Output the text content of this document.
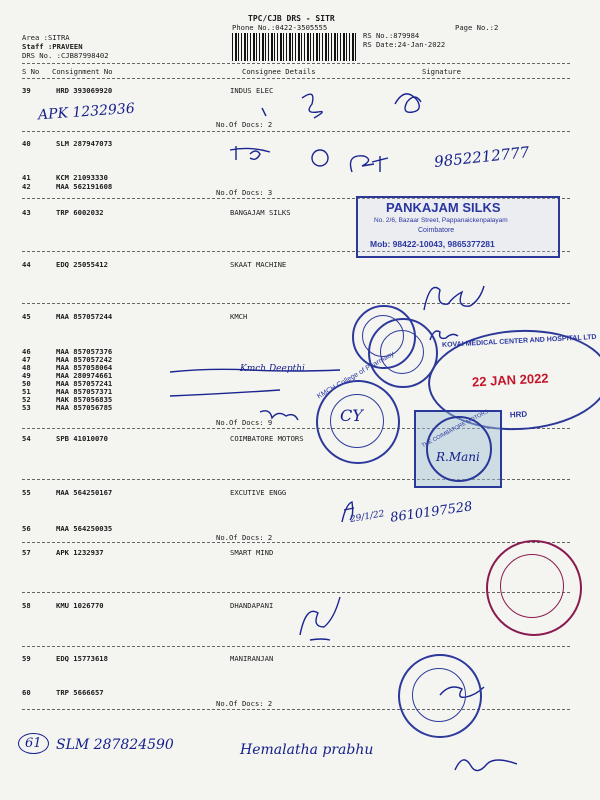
TPC/CJB DRS - SITR
Phone No.:0422-3505555	Page No.:2
RS No.:879984
RS Date:24-Jan-2022
Area :SITRA
Staff :PRAVEEN
DRS No. :CJB87998402
S No Consignment No	Consignee Details	Signature
39	HRD 393069920	INDUS ELEC
No.Of Docs: 2
40	SLM 287947073
41	KCM 21093330
42	MAA 562191608
No.Of Docs: 3
43	TRP 6002032	BANGAJAM SILKS
44	EDQ 25055412	SKAAT MACHINE
45	MAA 857057244	KMCH
46	MAA 857057376
47	MAA 857057242
48	MAA 857058064
49	MAA 280974661
50	MAA 857057241
51	MAA 857057371
52	MAK 857056835
53	MAA 857056785
No.Of Docs: 9
54	SPB 41010070	COIMBATORE MOTORS
55	MAA 564250167	EXCUTIVE ENGG
56	MAA 564250035
No.Of Docs: 2
57	APK 1232937	SMART MIND
58	KMU 1026770	DHANDAPANI
59	EDQ 15773618	MANIRANJAN
60	TRP 5666657
No.Of Docs: 2
APK 1232936
9852212777
Kmch Deepthi
29/1/22 8610197528
61	SLM 287824590	Hemalatha prabhu
PANKAJAM SILKS
No. 2/6, Bazaar Street, Pappanaickenpalayam
Coimbatore
Mob: 98422-10043, 9865377281
KMCH College of Pharmacy
CY
KOVAI MEDICAL CENTER AND HOSPITAL LTD
22 JAN 2022
HRD
THE COIMBATORE MOTORS
R.Mani
